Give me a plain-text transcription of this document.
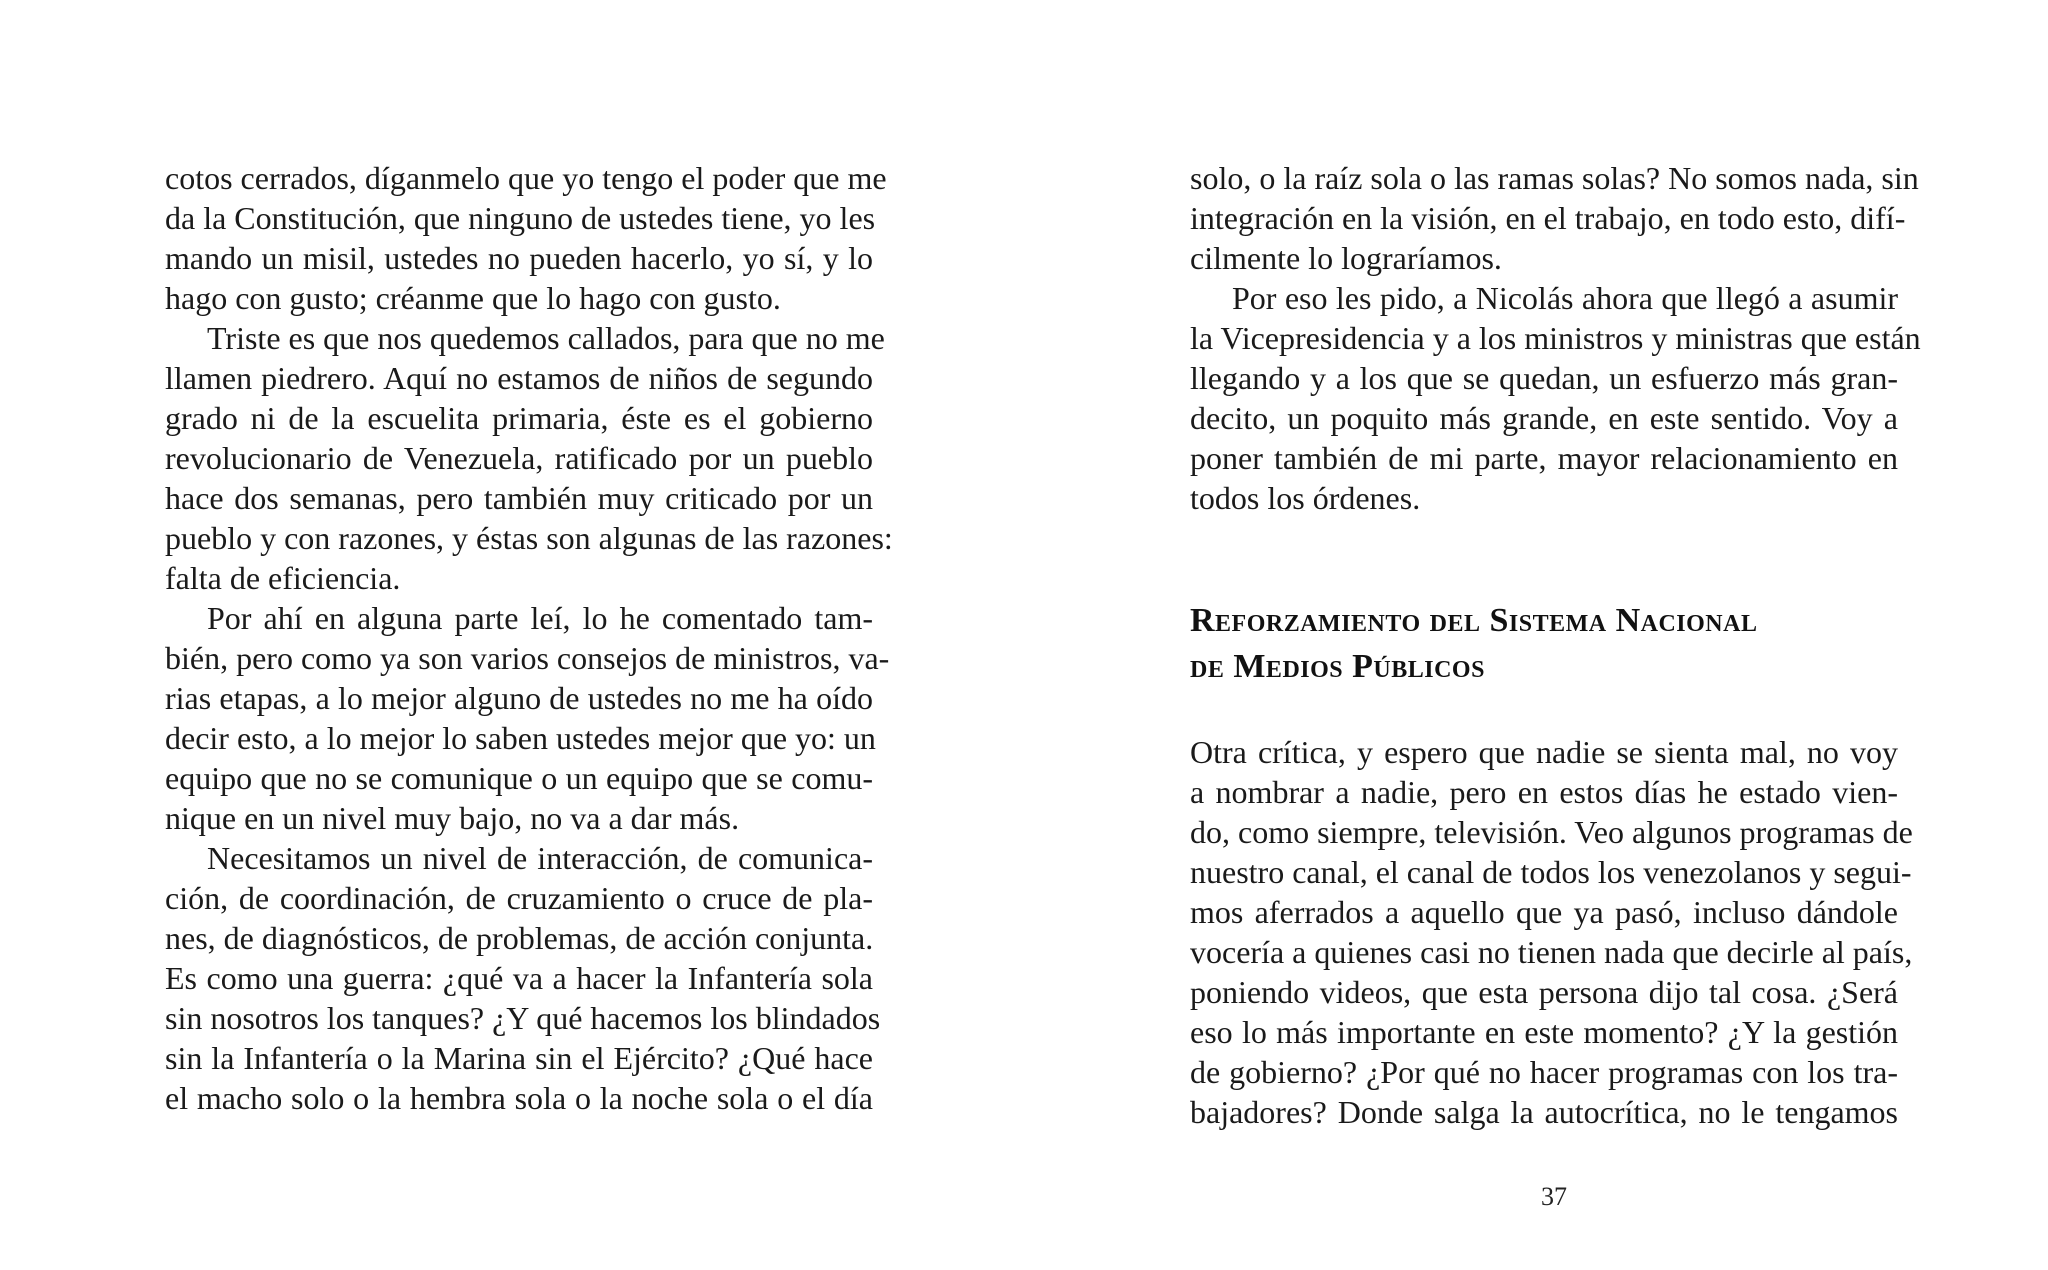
cotos cerrados, díganmelo que yo tengo el poder que me
da la Constitución, que ninguno de ustedes tiene, yo les
mando un misil, ustedes no pueden hacerlo, yo sí, y lo
hago con gusto; créanme que lo hago con gusto.
Triste es que nos quedemos callados, para que no me
llamen piedrero. Aquí no estamos de niños de segundo
grado ni de la escuelita primaria, éste es el gobierno
revolucionario de Venezuela, ratificado por un pueblo
hace dos semanas, pero también muy criticado por un
pueblo y con razones, y éstas son algunas de las razones:
falta de eficiencia.
Por ahí en alguna parte leí, lo he comentado tam-
bién, pero como ya son varios consejos de ministros, va-
rias etapas, a lo mejor alguno de ustedes no me ha oído
decir esto, a lo mejor lo saben ustedes mejor que yo: un
equipo que no se comunique o un equipo que se comu-
nique en un nivel muy bajo, no va a dar más.
Necesitamos un nivel de interacción, de comunica-
ción, de coordinación, de cruzamiento o cruce de pla-
nes, de diagnósticos, de problemas, de acción conjunta.
Es como una guerra: ¿qué va a hacer la Infantería sola
sin nosotros los tanques? ¿Y qué hacemos los blindados
sin la Infantería o la Marina sin el Ejército? ¿Qué hace
el macho solo o la hembra sola o la noche sola o el día
solo, o la raíz sola o las ramas solas? No somos nada, sin
integración en la visión, en el trabajo, en todo esto, difí-
cilmente lo lograríamos.
Por eso les pido, a Nicolás ahora que llegó a asumir
la Vicepresidencia y a los ministros y ministras que están
llegando y a los que se quedan, un esfuerzo más gran-
decito, un poquito más grande, en este sentido. Voy a
poner también de mi parte, mayor relacionamiento en
todos los órdenes.
Reforzamiento del Sistema Nacional
de Medios Públicos
Otra crítica, y espero que nadie se sienta mal, no voy
a nombrar a nadie, pero en estos días he estado vien-
do, como siempre, televisión. Veo algunos programas de
nuestro canal, el canal de todos los venezolanos y segui-
mos aferrados a aquello que ya pasó, incluso dándole
vocería a quienes casi no tienen nada que decirle al país,
poniendo videos, que esta persona dijo tal cosa. ¿Será
eso lo más importante en este momento? ¿Y la gestión
de gobierno? ¿Por qué no hacer programas con los tra-
bajadores? Donde salga la autocrítica, no le tengamos
37
